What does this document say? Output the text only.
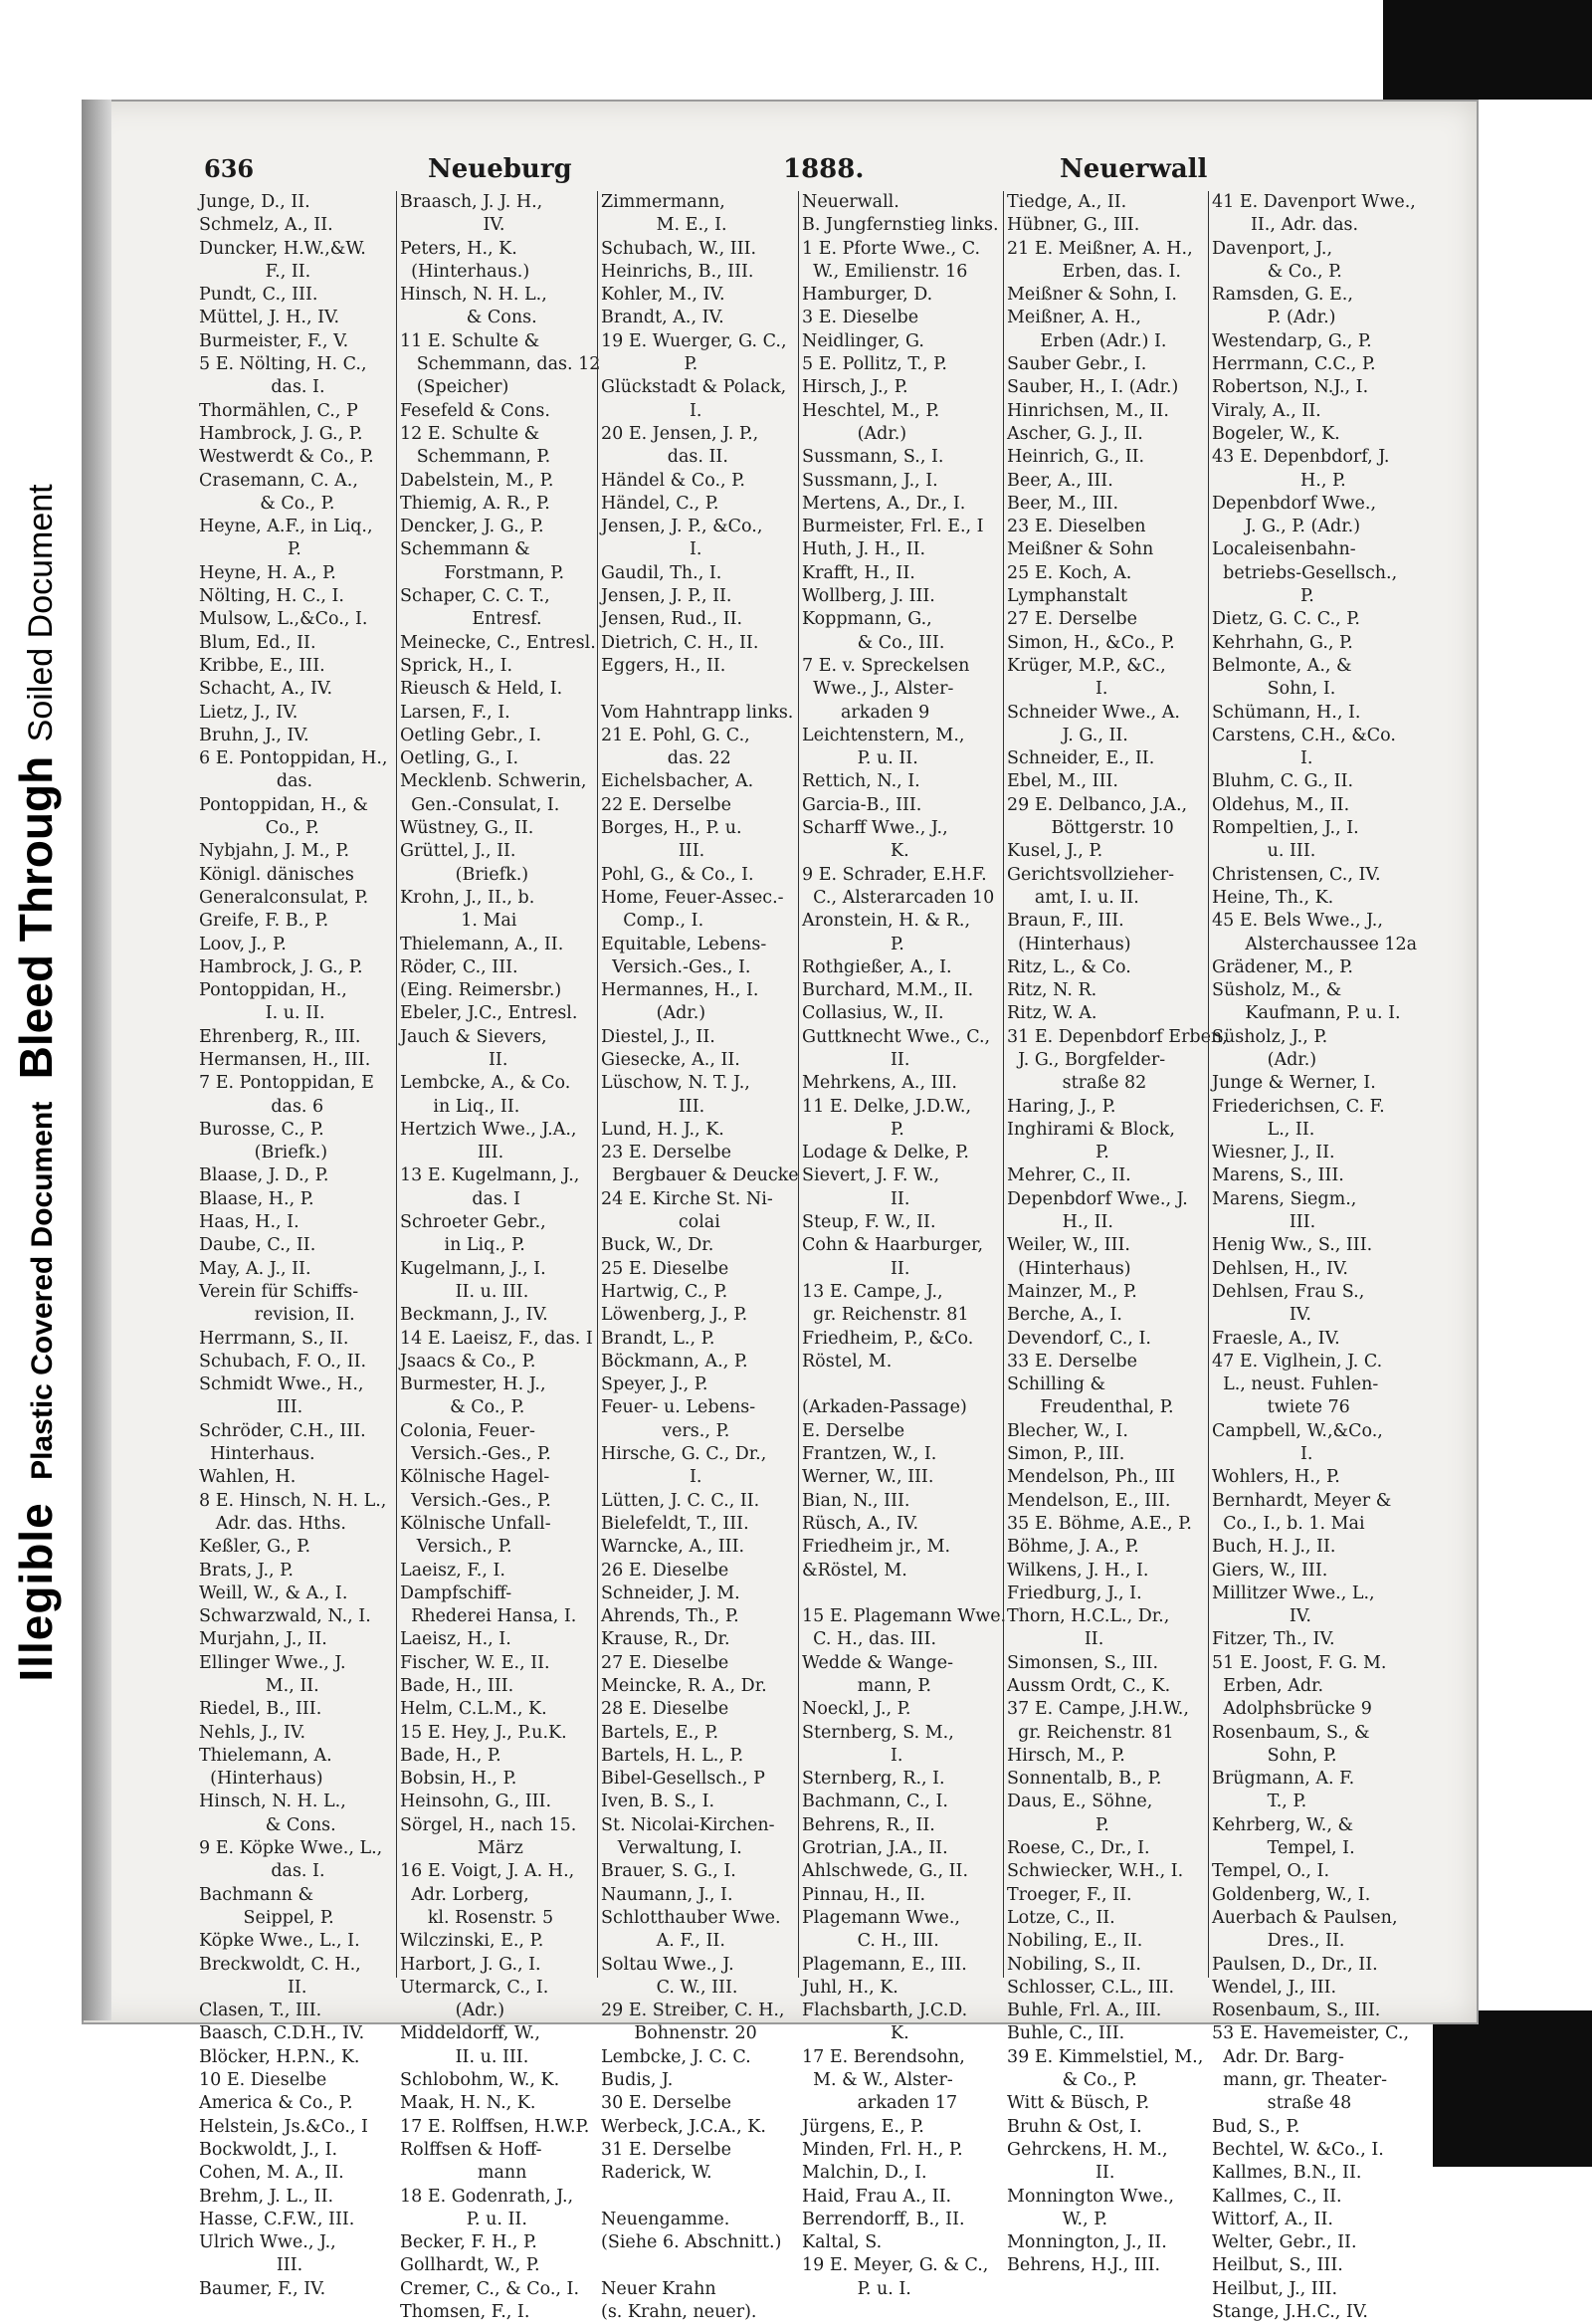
Illegible Plastic Covered Document Bleed Through Soiled Document
636	Neueburg	1888.	Neuerwall
Junge, D., II.
Schmelz, A., II.
Duncker, H.W.,&W.
F., II.
Pundt, C., III.
Müttel, J. H., IV.
Burmeister, F., V.
5 E. Nölting, H. C.,
das. I.
Thormählen, C., P
Hambrock, J. G., P.
Westwerdt & Co., P.
Crasemann, C. A.,
& Co., P.
Heyne, A.F., in Liq.,
P.
Heyne, H. A., P.
Nölting, H. C., I.
Mulsow, L.,&Co., I.
Blum, Ed., II.
Kribbe, E., III.
Schacht, A., IV.
Lietz, J., IV.
Bruhn, J., IV.
6 E. Pontoppidan, H.,
das.
Pontoppidan, H., &
Co., P.
Nybjahn, J. M., P.
Königl. dänisches
Generalconsulat, P.
Greife, F. B., P.
Loov, J., P.
Hambrock, J. G., P.
Pontoppidan, H.,
I. u. II.
Ehrenberg, R., III.
Hermansen, H., III.
7 E. Pontoppidan, E
das. 6
Burosse, C., P.
(Briefk.)
Blaase, J. D., P.
Blaase, H., P.
Haas, H., I.
Daube, C., II.
May, A. J., II.
Verein für Schiffs-
revision, II.
Herrmann, S., II.
Schubach, F. O., II.
Schmidt Wwe., H.,
III.
Schröder, C.H., III.
Hinterhaus.
Wahlen, H.
8 E. Hinsch, N. H. L.,
Adr. das. Hths.
Keßler, G., P.
Brats, J., P.
Weill, W., & A., I.
Schwarzwald, N., I.
Murjahn, J., II.
Ellinger Wwe., J.
M., II.
Riedel, B., III.
Nehls, J., IV.
Thielemann, A.
(Hinterhaus)
Hinsch, N. H. L.,
& Cons.
9 E. Köpke Wwe., L.,
das. I.
Bachmann &
Seippel, P.
Köpke Wwe., L., I.
Breckwoldt, C. H.,
II.
Clasen, T., III.
Baasch, C.D.H., IV.
Blöcker, H.P.N., K.
10 E. Dieselbe
America & Co., P.
Helstein, Js.&Co., I
Bockwoldt, J., I.
Cohen, M. A., II.
Brehm, J. L., II.
Hasse, C.F.W., III.
Ulrich Wwe., J.,
III.
Baumer, F., IV.
Braasch, J. J. H.,
IV.
Peters, H., K.
(Hinterhaus.)
Hinsch, N. H. L.,
& Cons.
11 E. Schulte &
Schemmann, das. 12
(Speicher)
Fesefeld & Cons.
12 E. Schulte &
Schemmann, P.
Dabelstein, M., P.
Thiemig, A. R., P.
Dencker, J. G., P.
Schemmann &
Forstmann, P.
Schaper, C. C. T.,
Entresf.
Meinecke, C., Entresl.
Sprick, H., I.
Rieusch & Held, I.
Larsen, F., I.
Oetling Gebr., I.
Oetling, G., I.
Mecklenb. Schwerin,
Gen.-Consulat, I.
Wüstney, G., II.
Grüttel, J., II.
(Briefk.)
Krohn, J., II., b.
1. Mai
Thielemann, A., II.
Röder, C., III.
(Eing. Reimersbr.)
Ebeler, J.C., Entresl.
Jauch & Sievers,
II.
Lembcke, A., & Co.
in Liq., II.
Hertzich Wwe., J.A.,
III.
13 E. Kugelmann, J.,
das. I
Schroeter Gebr.,
in Liq., P.
Kugelmann, J., I.
II. u. III.
Beckmann, J., IV.
14 E. Laeisz, F., das. I
Jsaacs & Co., P.
Burmester, H. J.,
& Co., P.
Colonia, Feuer-
Versich.-Ges., P.
Kölnische Hagel-
Versich.-Ges., P.
Kölnische Unfall-
Versich., P.
Laeisz, F., I.
Dampfschiff-
Rhederei Hansa, I.
Laeisz, H., I.
Fischer, W. E., II.
Bade, H., III.
Helm, C.L.M., K.
15 E. Hey, J., P.u.K.
Bade, H., P.
Bobsin, H., P.
Heinsohn, G., III.
Sörgel, H., nach 15.
März
16 E. Voigt, J. A. H.,
Adr. Lorberg,
kl. Rosenstr. 5
Wilczinski, E., P.
Harbort, J. G., I.
Utermarck, C., I.
(Adr.)
Middeldorff, W.,
II. u. III.
Schlobohm, W., K.
Maak, H. N., K.
17 E. Rolffsen, H.W.P.
Rolffsen & Hoff-
mann
18 E. Godenrath, J.,
P. u. II.
Becker, F. H., P.
Gollhardt, W., P.
Cremer, C., & Co., I.
Thomsen, F., I.
Zimmermann,
M. E., I.
Schubach, W., III.
Heinrichs, B., III.
Kohler, M., IV.
Brandt, A., IV.
19 E. Wuerger, G. C.,
P.
Glückstadt & Polack,
I.
20 E. Jensen, J. P.,
das. II.
Händel & Co., P.
Händel, C., P.
Jensen, J. P., &Co.,
I.
Gaudil, Th., I.
Jensen, J. P., II.
Jensen, Rud., II.
Dietrich, C. H., II.
Eggers, H., II.
Vom Hahntrapp links.
21 E. Pohl, G. C.,
das. 22
Eichelsbacher, A.
22 E. Derselbe
Borges, H., P. u.
III.
Pohl, G., & Co., I.
Home, Feuer-Assec.-
Comp., I.
Equitable, Lebens-
Versich.-Ges., I.
Hermannes, H., I.
(Adr.)
Diestel, J., II.
Giesecke, A., II.
Lüschow, N. T. J.,
III.
Lund, H. J., K.
23 E. Derselbe
Bergbauer & Deucke
24 E. Kirche St. Ni-
colai
Buck, W., Dr.
25 E. Dieselbe
Hartwig, C., P.
Löwenberg, J., P.
Brandt, L., P.
Böckmann, A., P.
Speyer, J., P.
Feuer- u. Lebens-
vers., P.
Hirsche, G. C., Dr.,
I.
Lütten, J. C. C., II.
Bielefeldt, T., III.
Warncke, A., III.
26 E. Dieselbe
Schneider, J. M.
Ahrends, Th., P.
Krause, R., Dr.
27 E. Dieselbe
Meincke, R. A., Dr.
28 E. Dieselbe
Bartels, E., P.
Bartels, H. L., P.
Bibel-Gesellsch., P
Iven, B. S., I.
St. Nicolai-Kirchen-
Verwaltung, I.
Brauer, S. G., I.
Naumann, J., I.
Schlotthauber Wwe.
A. F., II.
Soltau Wwe., J.
C. W., III.
29 E. Streiber, C. H.,
Bohnenstr. 20
Lembcke, J. C. C.
Budis, J.
30 E. Derselbe
Werbeck, J.C.A., K.
31 E. Derselbe
Raderick, W.
Neuengamme.
(Siehe 6. Abschnitt.)
Neuer Krahn
(s. Krahn, neuer).
Neuerwall.
B. Jungfernstieg links.
1 E. Pforte Wwe., C.
W., Emilienstr. 16
Hamburger, D.
3 E. Dieselbe
Neidlinger, G.
5 E. Pollitz, T., P.
Hirsch, J., P.
Heschtel, M., P.
(Adr.)
Sussmann, S., I.
Sussmann, J., I.
Mertens, A., Dr., I.
Burmeister, Frl. E., I
Huth, J. H., II.
Krafft, H., II.
Wollberg, J. III.
Koppmann, G.,
& Co., III.
7 E. v. Spreckelsen
Wwe., J., Alster-
arkaden 9
Leichtenstern, M.,
P. u. II.
Rettich, N., I.
Garcia-B., III.
Scharff Wwe., J.,
K.
9 E. Schrader, E.H.F.
C., Alsterarcaden 10
Aronstein, H. & R.,
P.
Rothgießer, A., I.
Burchard, M.M., II.
Collasius, W., II.
Guttknecht Wwe., C.,
II.
Mehrkens, A., III.
11 E. Delke, J.D.W.,
P.
Lodage & Delke, P.
Sievert, J. F. W.,
II.
Steup, F. W., II.
Cohn & Haarburger,
II.
13 E. Campe, J.,
gr. Reichenstr. 81
Friedheim, P., &Co.
Röstel, M.
(Arkaden-Passage)
E. Derselbe
Frantzen, W., I.
Werner, W., III.
Bian, N., III.
Rüsch, A., IV.
Friedheim jr., M.
&Röstel, M.
15 E. Plagemann Wwe.
C. H., das. III.
Wedde & Wange-
mann, P.
Noeckl, J., P.
Sternberg, S. M.,
I.
Sternberg, R., I.
Bachmann, C., I.
Behrens, R., II.
Grotrian, J.A., II.
Ahlschwede, G., II.
Pinnau, H., II.
Plagemann Wwe.,
C. H., III.
Plagemann, E., III.
Juhl, H., K.
Flachsbarth, J.C.D.
K.
17 E. Berendsohn,
M. & W., Alster-
arkaden 17
Jürgens, E., P.
Minden, Frl. H., P.
Malchin, D., I.
Haid, Frau A., II.
Berrendorff, B., II.
Kaltal, S.
19 E. Meyer, G. & C.,
P. u. I.
Tiedge, A., II.
Hübner, G., III.
21 E. Meißner, A. H.,
Erben, das. I.
Meißner & Sohn, I.
Meißner, A. H.,
Erben (Adr.) I.
Sauber Gebr., I.
Sauber, H., I. (Adr.)
Hinrichsen, M., II.
Ascher, G. J., II.
Heinrich, G., II.
Beer, A., III.
Beer, M., III.
23 E. Dieselben
Meißner & Sohn
25 E. Koch, A.
Lymphanstalt
27 E. Derselbe
Simon, H., &Co., P.
Krüger, M.P., &C.,
I.
Schneider Wwe., A.
J. G., II.
Schneider, E., II.
Ebel, M., III.
29 E. Delbanco, J.A.,
Böttgerstr. 10
Kusel, J., P.
Gerichtsvollzieher-
amt, I. u. II.
Braun, F., III.
(Hinterhaus)
Ritz, L., & Co.
Ritz, N. R.
Ritz, W. A.
31 E. Depenbdorf Erben,
J. G., Borgfelder-
straße 82
Haring, J., P.
Inghirami & Block,
P.
Mehrer, C., II.
Depenbdorf Wwe., J.
H., II.
Weiler, W., III.
(Hinterhaus)
Mainzer, M., P.
Berche, A., I.
Devendorf, C., I.
33 E. Derselbe
Schilling &
Freudenthal, P.
Blecher, W., I.
Simon, P., III.
Mendelson, Ph., III
Mendelson, E., III.
35 E. Böhme, A.E., P.
Böhme, J. A., P.
Wilkens, J. H., I.
Friedburg, J., I.
Thorn, H.C.L., Dr.,
II.
Simonsen, S., III.
Aussm Ordt, C., K.
37 E. Campe, J.H.W.,
gr. Reichenstr. 81
Hirsch, M., P.
Sonnentalb, B., P.
Daus, E., Söhne,
P.
Roese, C., Dr., I.
Schwiecker, W.H., I.
Troeger, F., II.
Lotze, C., II.
Nobiling, E., II.
Nobiling, S., II.
Schlosser, C.L., III.
Buhle, Frl. A., III.
Buhle, C., III.
39 E. Kimmelstiel, M.,
& Co., P.
Witt & Büsch, P.
Bruhn & Ost, I.
Gehrckens, H. M.,
II.
Monnington Wwe.,
W., P.
Monnington, J., II.
Behrens, H.J., III.
41 E. Davenport Wwe.,
II., Adr. das.
Davenport, J.,
& Co., P.
Ramsden, G. E.,
P. (Adr.)
Westendarp, G., P.
Herrmann, C.C., P.
Robertson, N.J., I.
Viraly, A., II.
Bogeler, W., K.
43 E. Depenbdorf, J.
H., P.
Depenbdorf Wwe.,
J. G., P. (Adr.)
Localeisenbahn-
betriebs-Gesellsch.,
P.
Dietz, G. C. C., P.
Kehrhahn, G., P.
Belmonte, A., &
Sohn, I.
Schümann, H., I.
Carstens, C.H., &Co.
I.
Bluhm, C. G., II.
Oldehus, M., II.
Rompeltien, J., I.
u. III.
Christensen, C., IV.
Heine, Th., K.
45 E. Bels Wwe., J.,
Alsterchaussee 12a
Grädener, M., P.
Süsholz, M., &
Kaufmann, P. u. I.
Süsholz, J., P.
(Adr.)
Junge & Werner, I.
Friederichsen, C. F.
L., II.
Wiesner, J., II.
Marens, S., III.
Marens, Siegm.,
III.
Henig Ww., S., III.
Dehlsen, H., IV.
Dehlsen, Frau S.,
IV.
Fraesle, A., IV.
47 E. Viglhein, J. C.
L., neust. Fuhlen-
twiete 76
Campbell, W.,&Co.,
I.
Wohlers, H., P.
Bernhardt, Meyer &
Co., I., b. 1. Mai
Buch, H. J., II.
Giers, W., III.
Millitzer Wwe., L.,
IV.
Fitzer, Th., IV.
51 E. Joost, F. G. M.
Erben, Adr.
Adolphsbrücke 9
Rosenbaum, S., &
Sohn, P.
Brügmann, A. F.
T., P.
Kehrberg, W., &
Tempel, I.
Tempel, O., I.
Goldenberg, W., I.
Auerbach & Paulsen,
Dres., II.
Paulsen, D., Dr., II.
Wendel, J., III.
Rosenbaum, S., III.
53 E. Havemeister, C.,
Adr. Dr. Barg-
mann, gr. Theater-
straße 48
Bud, S., P.
Bechtel, W. &Co., I.
Kallmes, B.N., II.
Kallmes, C., II.
Wittorf, A., II.
Welter, Gebr., II.
Heilbut, S., III.
Heilbut, J., III.
Stange, J.H.C., IV.
